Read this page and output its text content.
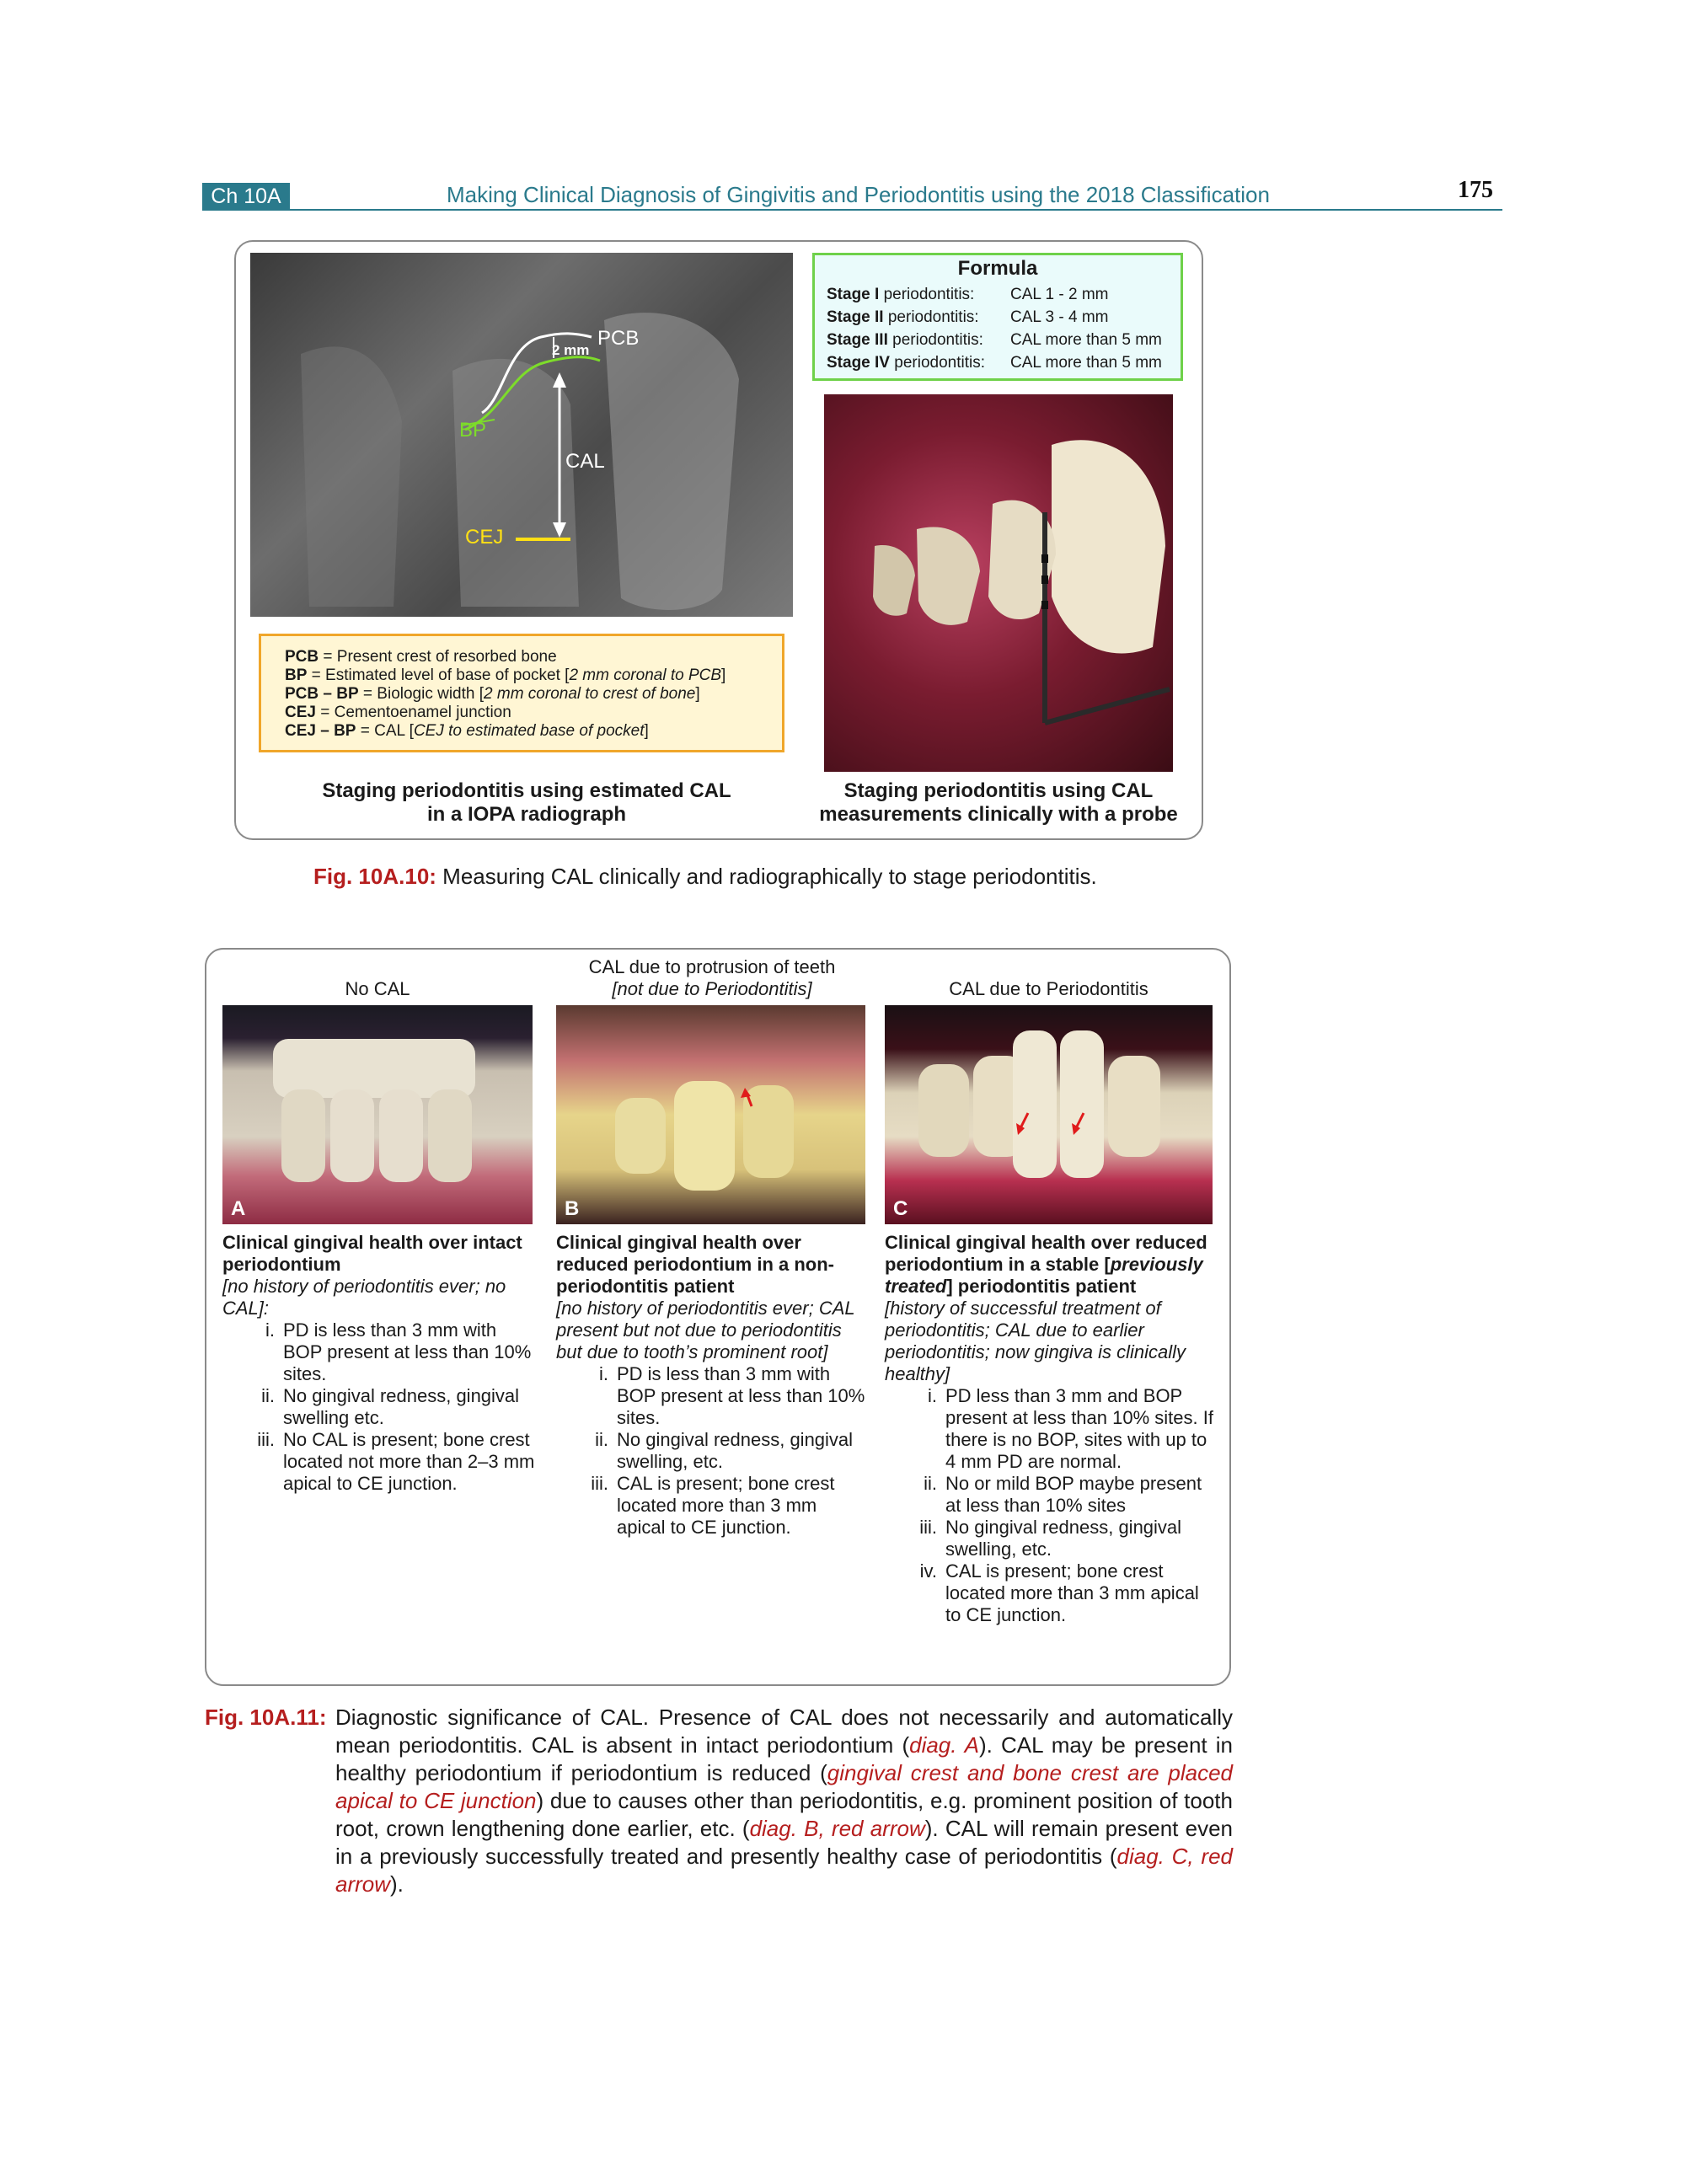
Ch 10A	Making Clinical Diagnosis of Gingivitis and Periodontitis using the 2018 Classification	175
PCB
2 mm
BP
CAL
CEJ
Formula
Stage I periodontitis: CAL 1 - 2 mm
Stage II periodontitis: CAL 3 - 4 mm
Stage III periodontitis: CAL more than 5 mm
Stage IV periodontitis: CAL more than 5 mm
PCB = Present crest of resorbed bone
BP = Estimated level of base of pocket [2 mm coronal to PCB]
PCB – BP = Biologic width [2 mm coronal to crest of bone]
CEJ = Cementoenamel junction
CEJ – BP = CAL [CEJ to estimated base of pocket]
Staging periodontitis using estimated CAL
in a IOPA radiograph
Staging periodontitis using CAL
measurements clinically with a probe
Fig. 10A.10: Measuring CAL clinically and radiographically to stage periodontitis.
No CAL
CAL due to protrusion of teeth
[not due to Periodontitis]	CAL due to Periodontitis
A	B	C
Clinical gingival health over intact periodontium
[no history of periodontitis ever; no CAL]:
i. PD is less than 3 mm with BOP present at less than 10% sites.
ii. No gingival redness, gingival swelling etc.
iii. No CAL is present; bone crest located not more than 2–3 mm apical to CE junction.
Clinical gingival health over reduced periodontium in a non-periodontitis patient
[no history of periodontitis ever; CAL present but not due to periodontitis but due to tooth’s prominent root]
i. PD is less than 3 mm with BOP present at less than 10% sites.
ii. No gingival redness, gingival swelling, etc.
iii. CAL is present; bone crest located more than 3 mm apical to CE junction.
Clinical gingival health over reduced periodontium in a stable [previously treated] periodontitis patient
[history of successful treatment of periodontitis; CAL due to earlier periodontitis; now gingiva is clinically healthy]
i. PD less than 3 mm and BOP present at less than 10% sites. If there is no BOP, sites with up to 4 mm PD are normal.
ii. No or mild BOP maybe present at less than 10% sites
iii. No gingival redness, gingival swelling, etc.
iv. CAL is present; bone crest located more than 3 mm apical to CE junction.
Fig. 10A.11: Diagnostic significance of CAL. Presence of CAL does not necessarily and automatically mean periodontitis. CAL is absent in intact periodontium (diag. A). CAL may be present in healthy periodontium if periodontium is reduced (gingival crest and bone crest are placed apical to CE junction) due to causes other than periodontitis, e.g. prominent position of tooth root, crown lengthening done earlier, etc. (diag. B, red arrow). CAL will remain present even in a previously successfully treated and presently healthy case of periodontitis (diag. C, red arrow).
